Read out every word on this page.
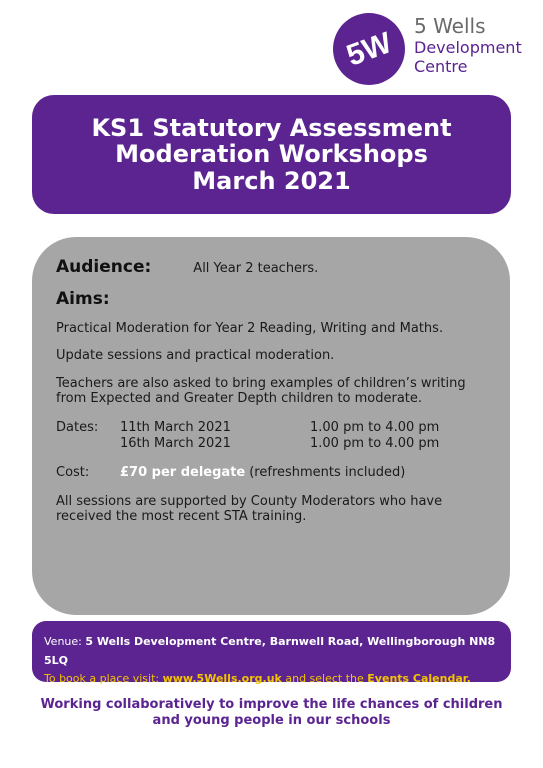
5W
5 Wells
Development
Centre
KS1 Statutory Assessment
Moderation Workshops
March 2021
Audience:	All Year 2 teachers.
Aims:

Practical Moderation for Year 2 Reading, Writing and Maths.

Update sessions and practical moderation.

Teachers are also asked to bring examples of children’s writing from Expected and Greater Depth children to moderate.

Dates:	11th March 2021	1.00 pm to 4.00 pm
16th March 2021	1.00 pm to 4.00 pm
Cost:	£70 per delegate (refreshments included)

All sessions are supported by County Moderators who have received the most recent STA training.

Venue: 5 Wells Development Centre, Barnwell Road, Wellingborough NN8 5LQ
To book a place visit: www.5Wells.org.uk and select the Events Calendar.
Working collaboratively to improve the life chances of children
and young people in our schools
